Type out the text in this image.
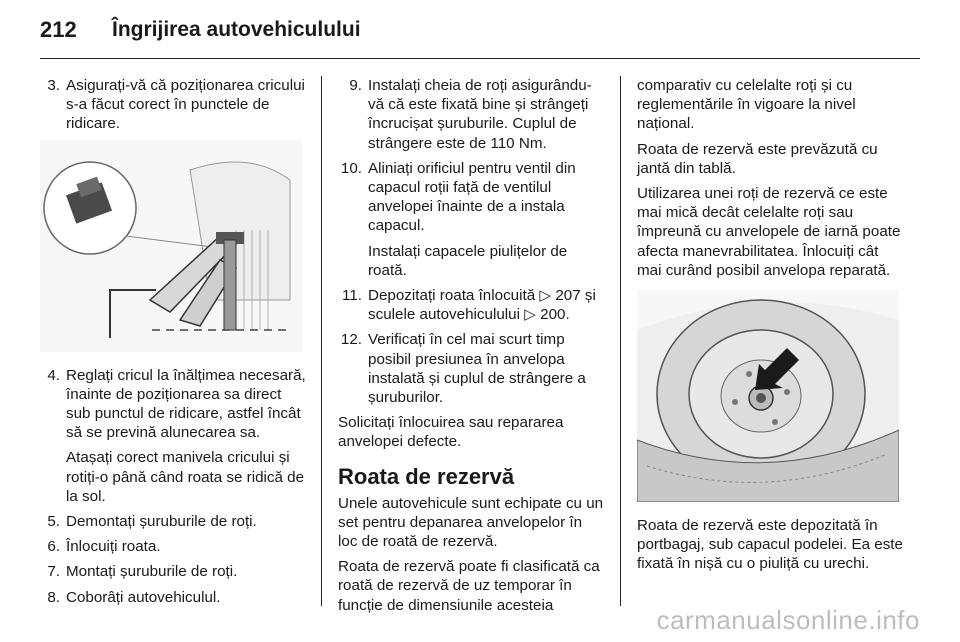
212	Îngrijirea autovehiculului
3. Asigurați-vă că poziționarea cricului s-a făcut corect în punctele de ridicare.
4. Reglați cricul la înălțimea necesară, înainte de poziționarea sa direct sub punctul de ridicare, astfel încât să se prevină alunecarea sa.
Atașați corect manivela cricului și rotiți-o până când roata se ridică de la sol.
5. Demontați șuruburile de roți.
6. Înlocuiți roata.
7. Montați șuruburile de roți.
8. Coborâți autovehiculul.
9. Instalați cheia de roți asigurându-vă că este fixată bine și strângeți încrucișat șuruburile. Cuplul de strângere este de 110 Nm.
10. Aliniați orificiul pentru ventil din capacul roții față de ventilul anvelopei înainte de a instala capacul.
Instalați capacele piulițelor de roată.
11. Depozitați roata înlocuită ▷ 207 și sculele autovehiculului ▷ 200.
12. Verificați în cel mai scurt timp posibil presiunea în anvelopa instalată și cuplul de strângere a șuruburilor.

Solicitați înlocuirea sau repararea anvelopei defecte.

Roata de rezervă

Unele autovehicule sunt echipate cu un set pentru depanarea anvelopelor în loc de roată de rezervă.

Roata de rezervă poate fi clasificată ca roată de rezervă de uz temporar în funcție de dimensiunile acesteia

comparativ cu celelalte roți și cu reglementările în vigoare la nivel național.

Roata de rezervă este prevăzută cu jantă din tablă.

Utilizarea unei roți de rezervă ce este mai mică decât celelalte roți sau împreună cu anvelopele de iarnă poate afecta manevrabilitatea. Înlocuiți cât mai curând posibil anvelopa reparată.

Roata de rezervă este depozitată în portbagaj, sub capacul podelei. Ea este fixată în nișă cu o piuliță cu urechi.

carmanualsonline.info
